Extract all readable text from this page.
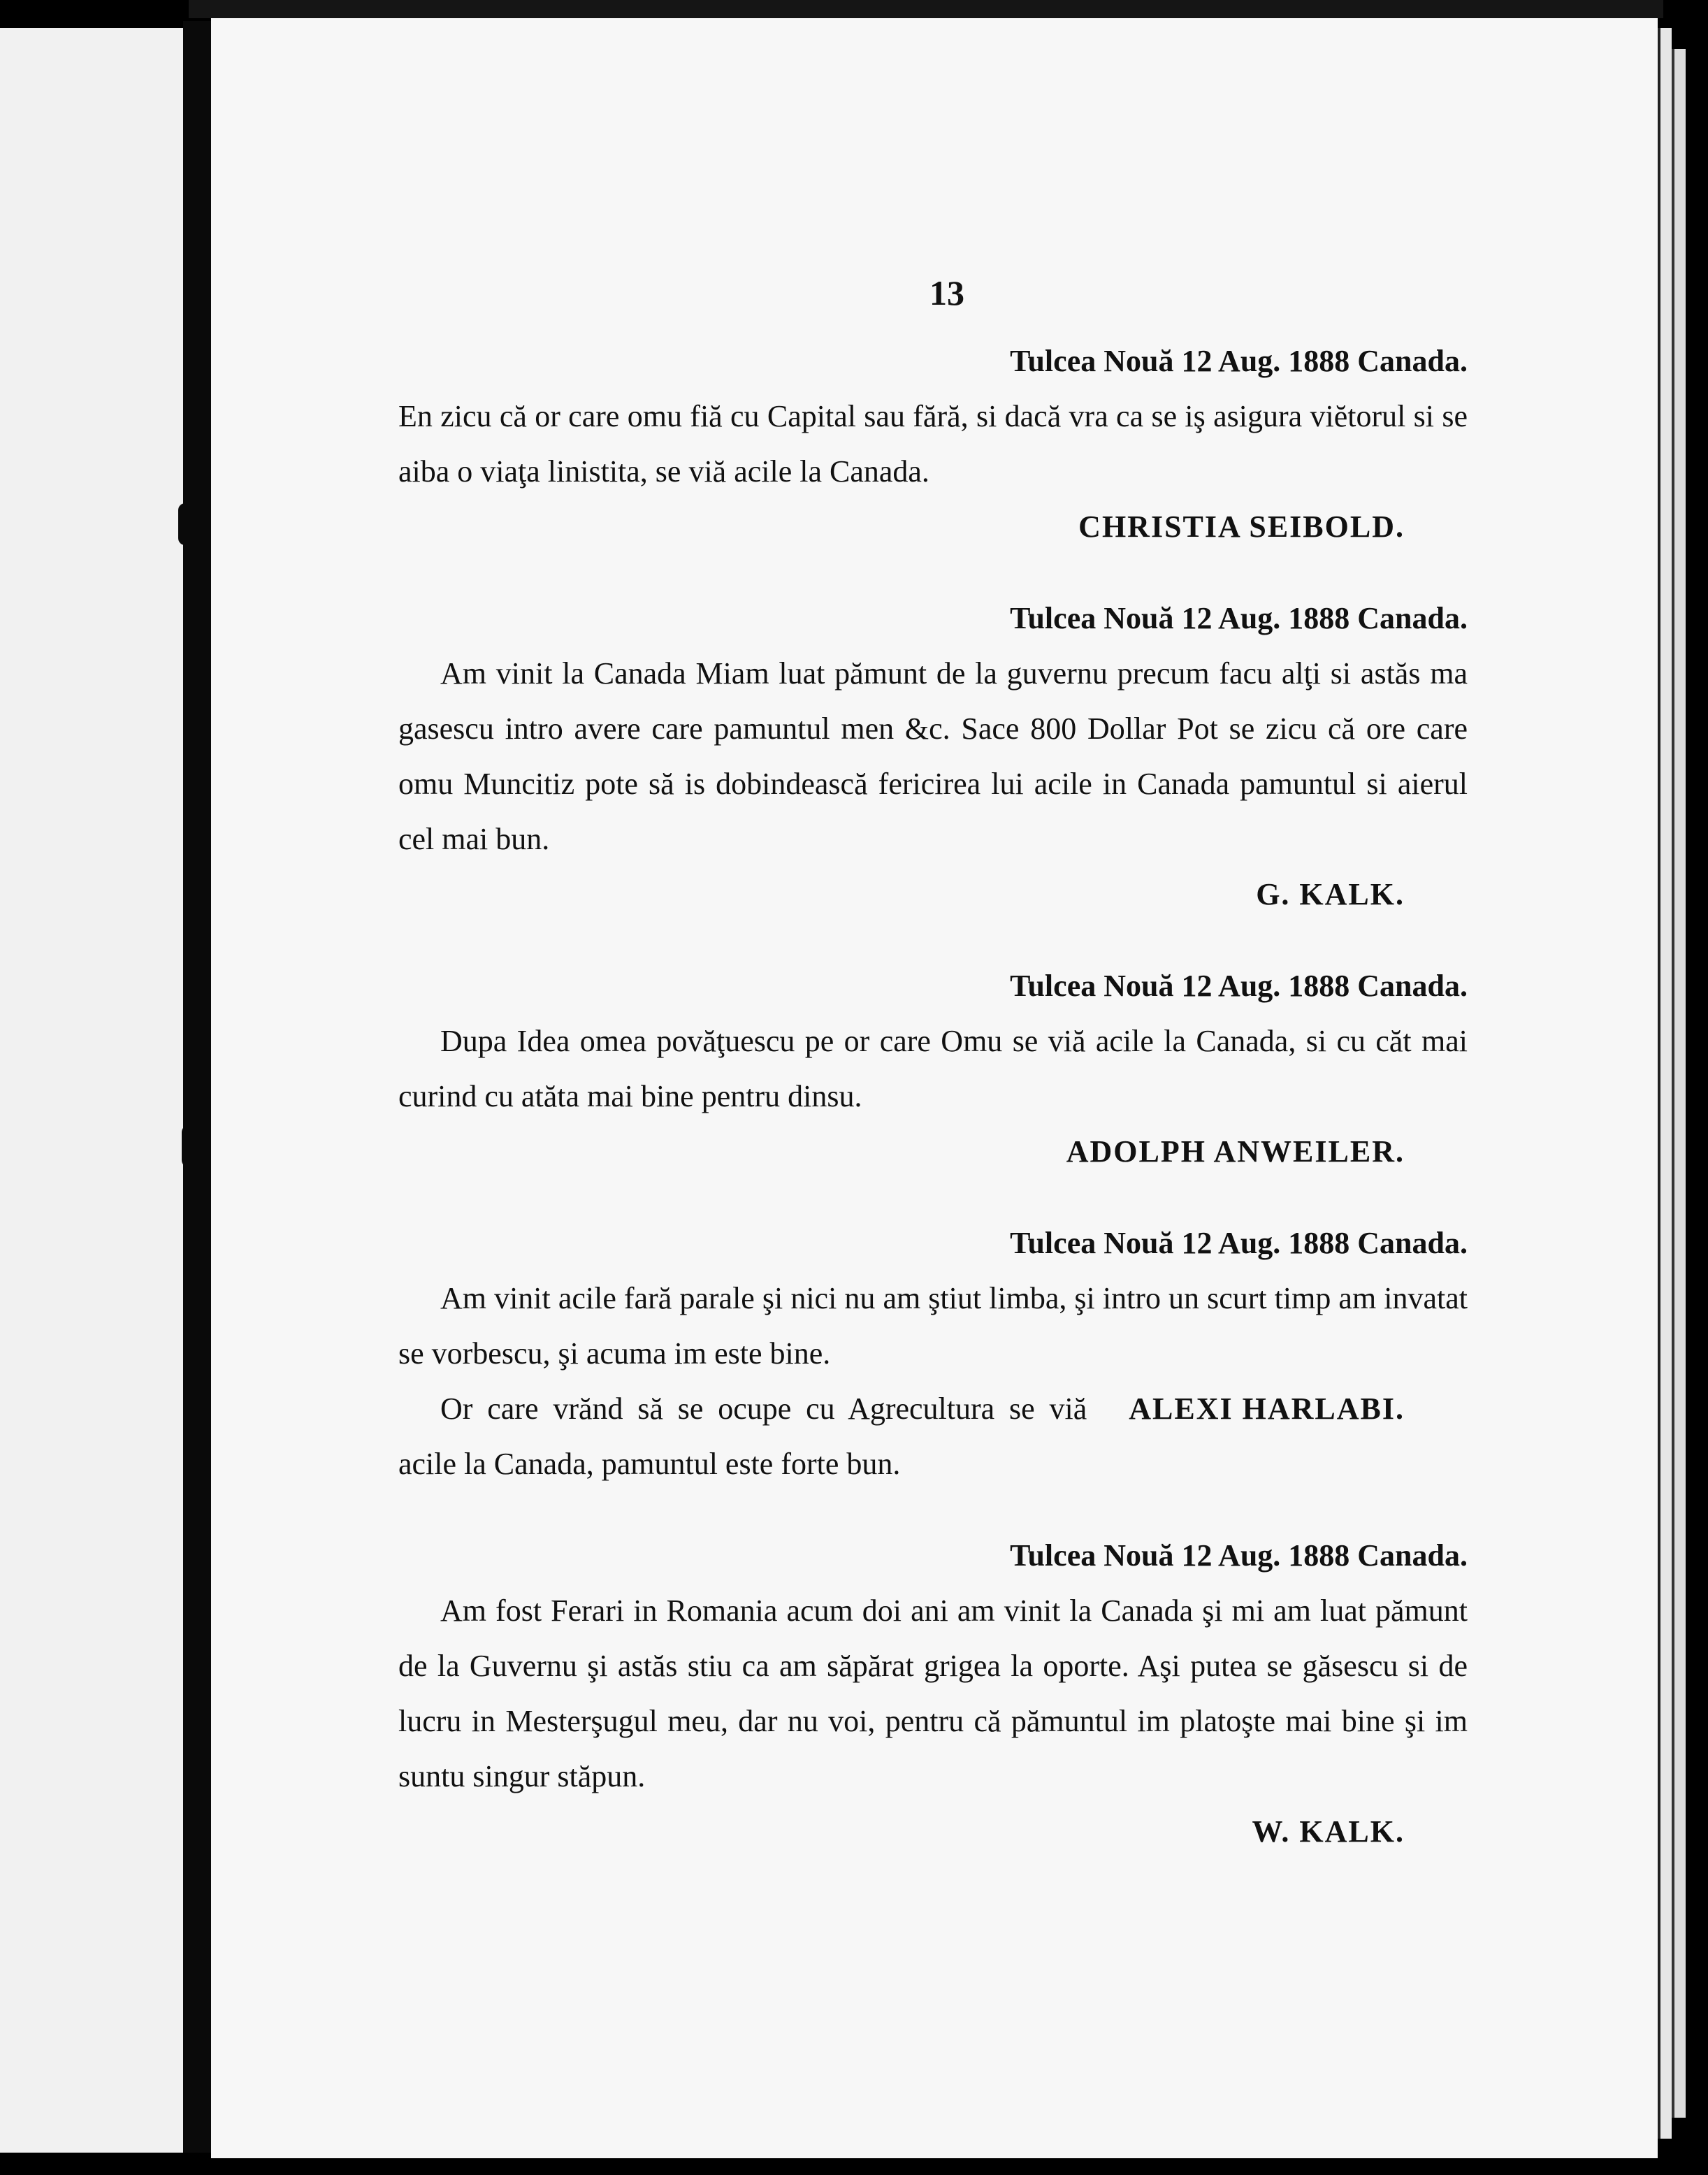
13

Tulcea Nouă 12 Aug. 1888 Canada.

En zicu că or care omu fiă cu Capital sau fără, si dacă vra ca se iş asigura viĕtorul si se aiba o viaţa linistita, se viă acile la Canada.

CHRISTIA SEIBOLD.

Tulcea Nouă 12 Aug. 1888 Canada.

Am vinit la Canada Miam luat pămunt de la guvernu precum facu alţi si astăs ma gasescu intro avere care pamuntul men &c. Sace 800 Dollar Pot se zicu că ore care omu Muncitiz pote să is dobindească fericirea lui acile in Canada pamuntul si aierul cel mai bun.

G. KALK.

Tulcea Nouă 12 Aug. 1888 Canada.

Dupa Idea omea povăţuescu pe or care Omu se viă acile la Canada, si cu căt mai curind cu atăta mai bine pentru dinsu.

ADOLPH ANWEILER.

Tulcea Nouă 12 Aug. 1888 Canada.

Am vinit acile fară parale şi nici nu am ştiut limba, şi intro un scurt timp am invatat se vorbescu, şi acuma im este bine.

ALEXI HARLABI.
Or care vrănd să se ocupe cu Agrecultura se viă acile la Canada, pamuntul este forte bun.

Tulcea Nouă 12 Aug. 1888 Canada.

Am fost Ferari in Romania acum doi ani am vinit la Canada şi mi am luat pămunt de la Guvernu şi astăs stiu ca am săpărat grigea la oporte. Aşi putea se găsescu si de lucru in Mesterşugul meu, dar nu voi, pentru că pămuntul im platoşte mai bine şi im suntu singur stăpun.

W. KALK.
